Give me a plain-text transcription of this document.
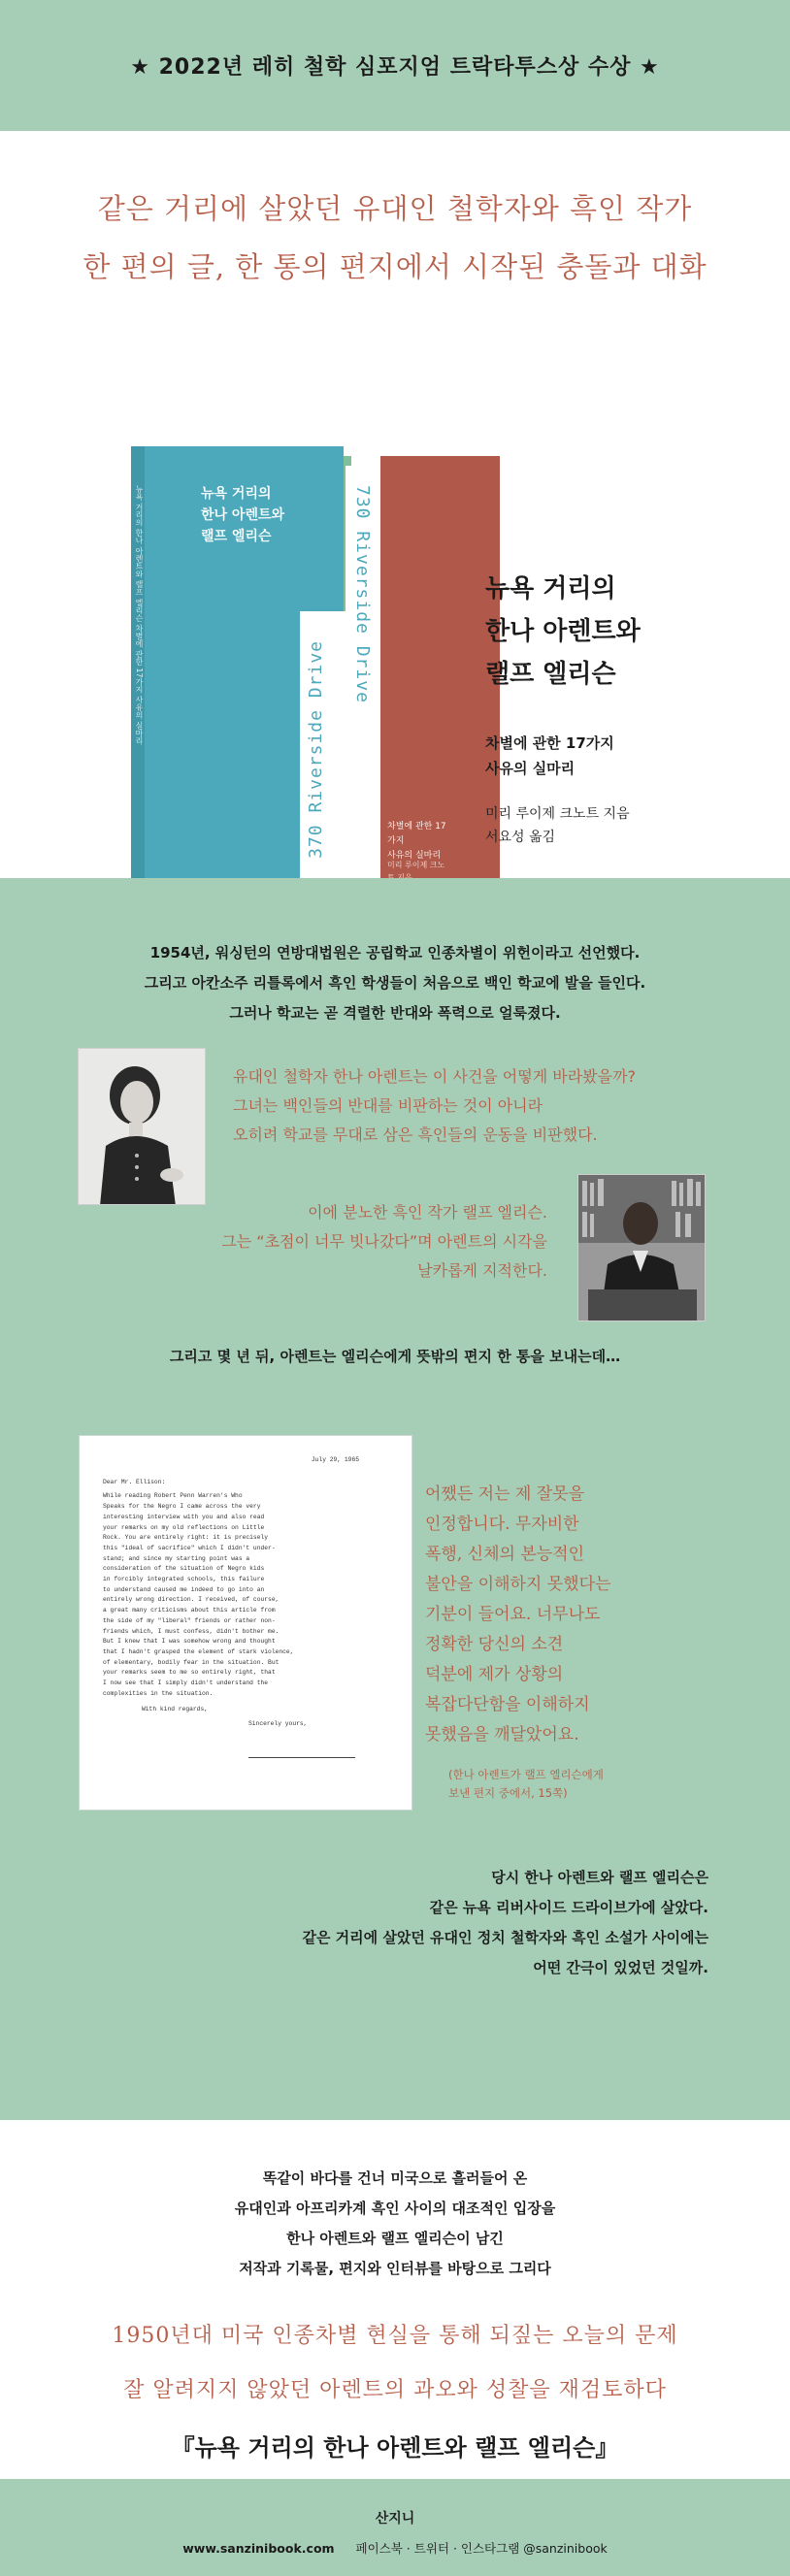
★ 2022년 레히 철학 심포지엄 트락타투스상 수상 ★

같은 거리에 살았던 유대인 철학자와 흑인 작가

한 편의 글, 한 통의 편지에서 시작된 충돌과 대화

뉴욕 거리의 한나 아렌트와 랠프 엘리슨 차별에 관한 17가지 사유의 실마리	뉴욕 거리의
한나 아렌트와
랠프 엘리슨
370 Riverside Drive
730 Riverside Drive
차별에 관한 17가지
사유의 실마리
미리 루이제 크노
뉴욕 거리의
한나 아렌트와
랠프 엘리슨
차별에 관한 17가지
사유의 실마리
미리 루이제 크노트 지음
서요성 옮김
1954년, 워싱턴의 연방대법원은 공립학교 인종차별이 위헌이라고 선언했다.
그리고 아칸소주 리틀록에서 흑인 학생들이 처음으로 백인 학교에 발을 들인다.
그러나 학교는 곧 격렬한 반대와 폭력으로 얼룩졌다.
유대인 철학자 한나 아렌트는 이 사건을 어떻게 바라봤을까?
그녀는 백인들의 반대를 비판하는 것이 아니라
오히려 학교를 무대로 삼은 흑인들의 운동을 비판했다.
이에 분노한 흑인 작가 랠프 엘리슨.
그는 “초점이 너무 빗나갔다”며 아렌트의 시각을
날카롭게 지적한다.
그리고 몇 년 뒤, 아렌트는 엘리슨에게 뜻밖의 편지 한 통을 보내는데…
July 29, 1965
Dear Mr. Ellison:
While reading Robert Penn Warren's Who
Speaks for the Negro I came across the very
interesting interview with you and also read
your remarks on my old reflections on Little
Rock. You are entirely right: it is precisely
this "ideal of sacrifice" which I didn't under-
stand; and since my starting point was a
consideration of the situation of Negro kids
in forcibly integrated schools, this failure
to understand caused me indeed to go into an
entirely wrong direction. I received, of course,
a great many criticisms about this article from
the side of my "liberal" friends or rather non-
friends which, I must confess, didn't bother me.
But I knew that I was somehow wrong and thought
that I hadn't grasped the element of stark violence,
of elementary, bodily fear in the situation. But
your remarks seem to me so entirely right, that
I now see that I simply didn't understand the
complexities in the situation.
With kind regards,
Sincerely yours,
어쨌든 저는 제 잘못을
인정합니다. 무자비한
폭행, 신체의 본능적인
불안을 이해하지 못했다는
기분이 들어요. 너무나도
정확한 당신의 소견
덕분에 제가 상황의
복잡다단함을 이해하지
못했음을 깨달았어요.
(한나 아렌트가 랠프 엘리슨에게
보낸 편지 중에서, 15쪽)
당시 한나 아렌트와 랠프 엘리슨은
같은 뉴욕 리버사이드 드라이브가에 살았다.
같은 거리에 살았던 유대인 정치 철학자와 흑인 소설가 사이에는
어떤 간극이 있었던 것일까.
똑같이 바다를 건너 미국으로 흘러들어 온
유대인과 아프리카계 흑인 사이의 대조적인 입장을
한나 아렌트와 랠프 엘리슨이 남긴
저작과 기록물, 편지와 인터뷰를 바탕으로 그리다
1950년대 미국 인종차별 현실을 통해 되짚는 오늘의 문제
잘 알려지지 않았던 아렌트의 과오와 성찰을 재검토하다
『뉴욕 거리의 한나 아렌트와 랠프 엘리슨』
산지니
www.sanzinibook.com 페이스북 · 트위터 · 인스타그램 @sanzinibook
